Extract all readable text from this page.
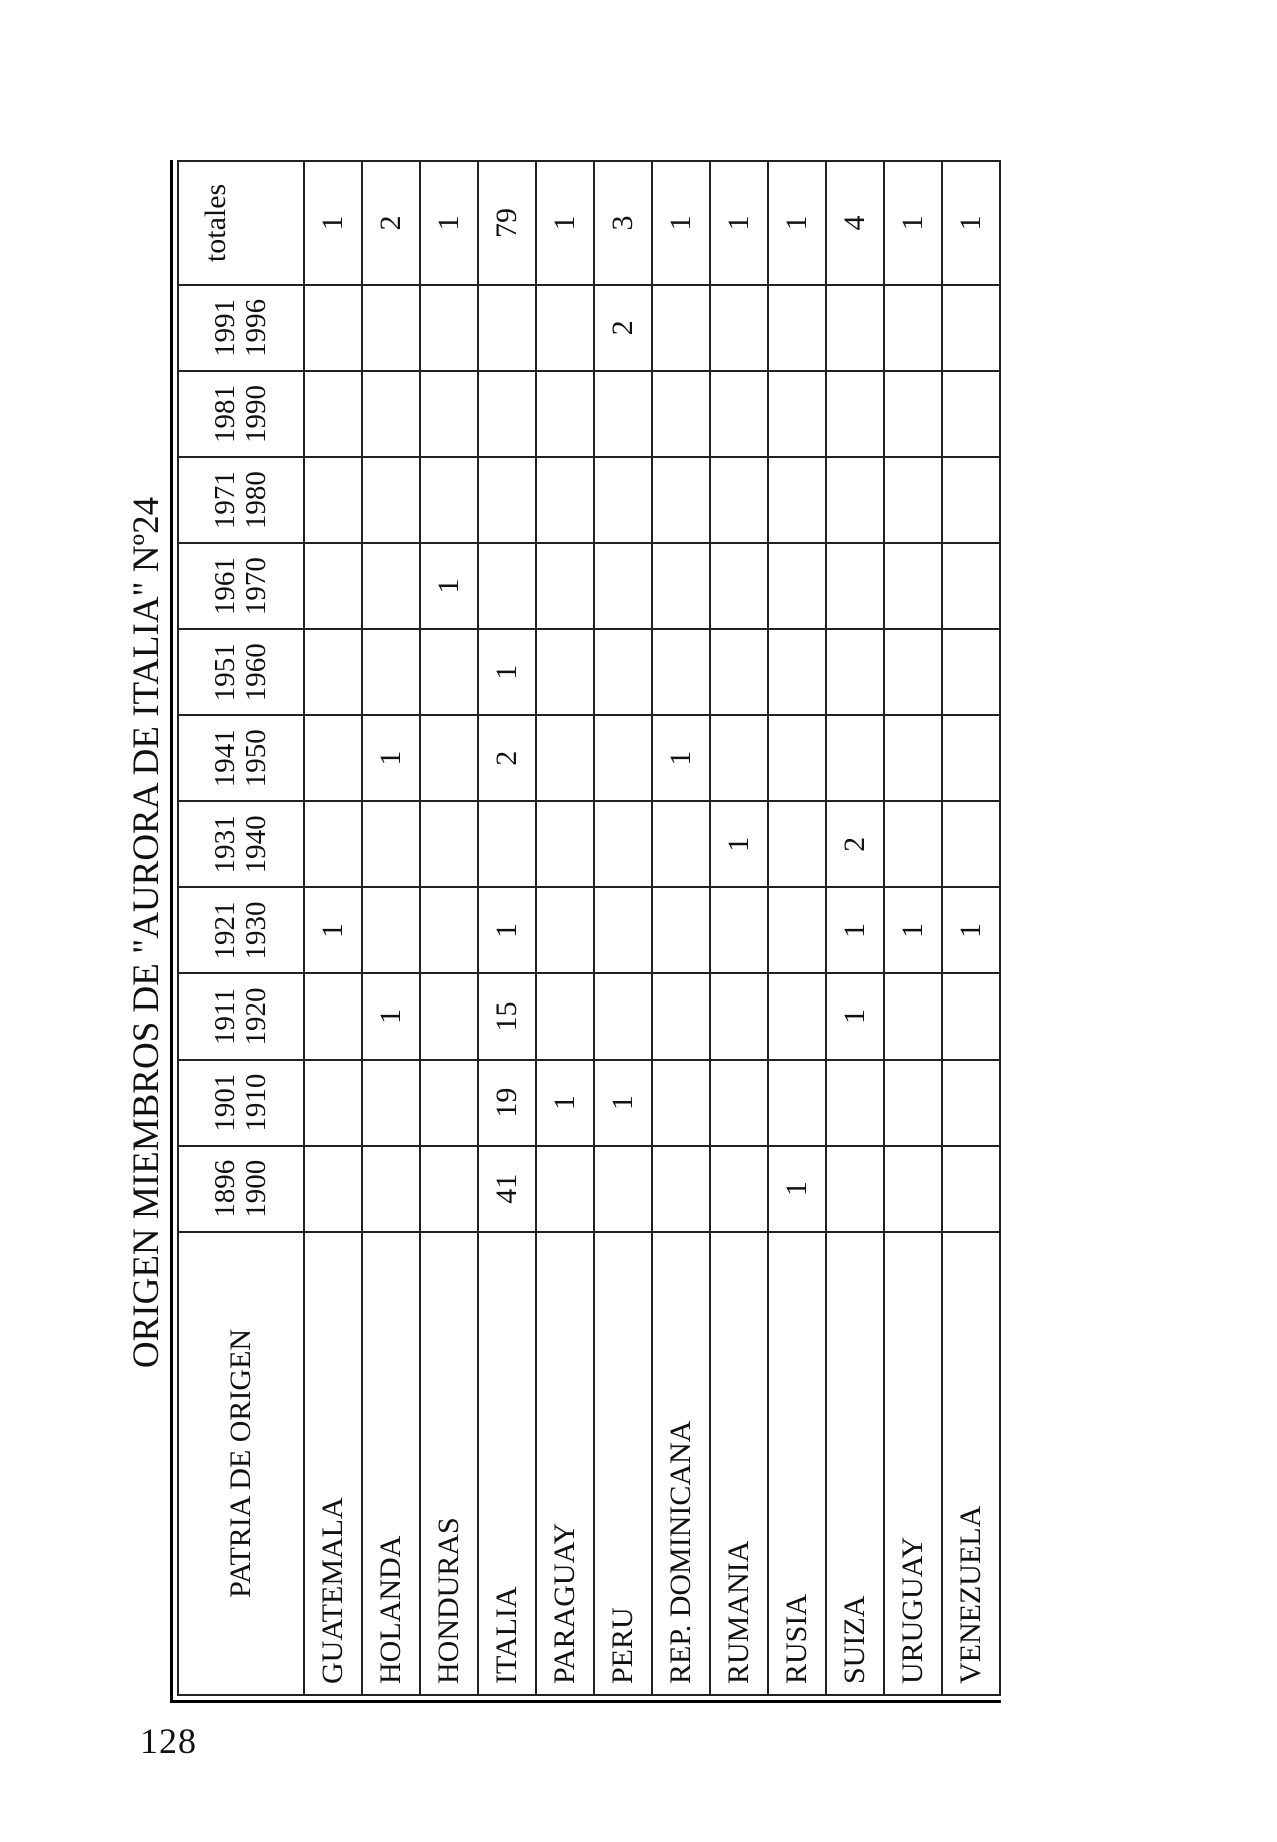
128
ORIGEN MIEMBROS DE "AURORA DE ITALIA" Nº24
PATRIA DE ORIGEN	1896 1900	1901 1910	1911 1920	1921 1930	1931 1940	1941 1950	1951 1960	1961 1970	1971 1980	1981 1990	1991 1996	totales

GUATEMALA				1								1
HOLANDA			1			1						2
HONDURAS								1				1
ITALIA	41	19	15	1		2	1					79
PARAGUAY		1										1
PERU		1									2	3
REP. DOMINICANA						1						1
RUMANIA					1							1
RUSIA	1											1
SUIZA			1	1	2							4
URUGUAY				1								1
VENEZUELA				1								1
